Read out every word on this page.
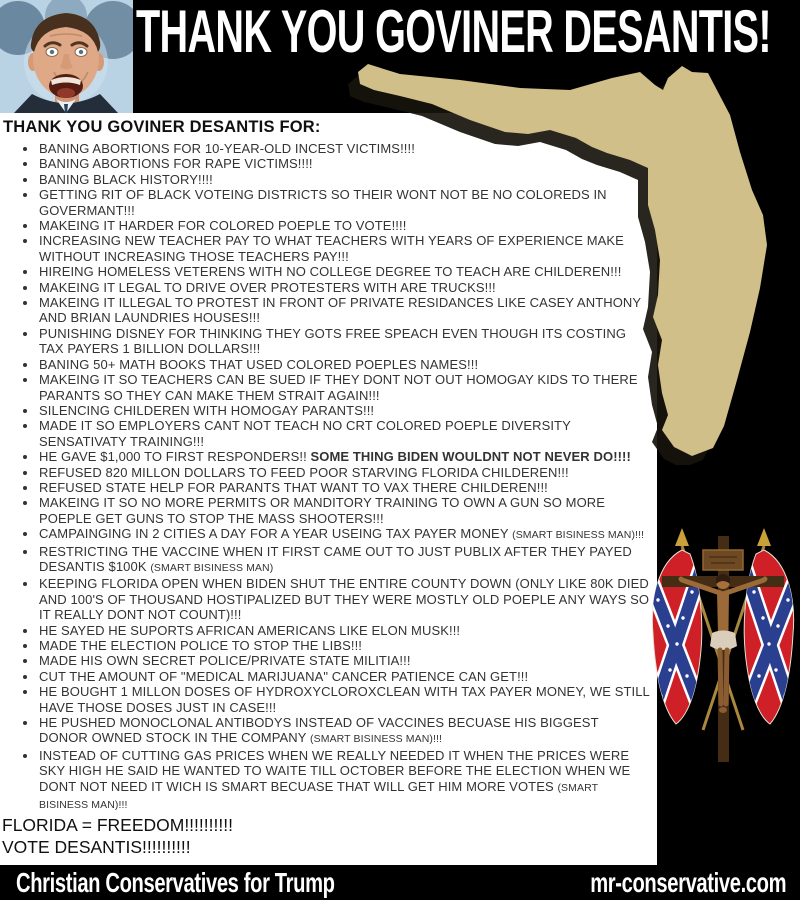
THANK YOU GOVINER DESANTIS!
THANK YOU GOVINER DESANTIS FOR:
• BANING ABORTIONS FOR 10-YEAR-OLD INCEST VICTIMS!!!!
• BANING ABORTIONS FOR RAPE VICTIMS!!!!
• BANING BLACK HISTORY!!!!
• GETTING RIT OF BLACK VOTEING DISTRICTS SO THEIR WONT NOT BE NO COLOREDS IN GOVERMANT!!!
• MAKEING IT HARDER FOR COLORED POEPLE TO VOTE!!!!
• INCREASING NEW TEACHER PAY TO WHAT TEACHERS WITH YEARS OF EXPERIENCE MAKE WITHOUT INCREASING THOSE TEACHERS PAY!!!
• HIREING HOMELESS VETERENS WITH NO COLLEGE DEGREE TO TEACH ARE CHILDEREN!!!
• MAKEING IT LEGAL TO DRIVE OVER PROTESTERS WITH ARE TRUCKS!!!
• MAKEING IT ILLEGAL TO PROTEST IN FRONT OF PRIVATE RESIDANCES LIKE CASEY ANTHONY AND BRIAN LAUNDRIES HOUSES!!!
• PUNISHING DISNEY FOR THINKING THEY GOTS FREE SPEACH EVEN THOUGH ITS COSTING TAX PAYERS 1 BILLION DOLLARS!!!
• BANING 50+ MATH BOOKS THAT USED COLORED POEPLES NAMES!!!
• MAKEING IT SO TEACHERS CAN BE SUED IF THEY DONT NOT OUT HOMOGAY KIDS TO THERE PARANTS SO THEY CAN MAKE THEM STRAIT AGAIN!!!
• SILENCING CHILDEREN WITH HOMOGAY PARANTS!!!
• MADE IT SO EMPLOYERS CANT NOT TEACH NO CRT COLORED POEPLE DIVERSITY SENSATIVATY TRAINING!!!
• HE GAVE $1,000 TO FIRST RESPONDERS!! SOME THING BIDEN WOULDNT NOT NEVER DO!!!!
• REFUSED 820 MILLON DOLLARS TO FEED POOR STARVING FLORIDA CHILDEREN!!!
• REFUSED STATE HELP FOR PARANTS THAT WANT TO VAX THERE CHILDEREN!!!
• MAKEING IT SO NO MORE PERMITS OR MANDITORY TRAINING TO OWN A GUN SO MORE POEPLE GET GUNS TO STOP THE MASS SHOOTERS!!!
• CAMPAINGING IN 2 CITIES A DAY FOR A YEAR USEING TAX PAYER MONEY (SMART BISINESS MAN)!!!
• RESTRICTING THE VACCINE WHEN IT FIRST CAME OUT TO JUST PUBLIX AFTER THEY PAYED DESANTIS $100K (SMART BISINESS MAN)
• KEEPING FLORIDA OPEN WHEN BIDEN SHUT THE ENTIRE COUNTY DOWN (ONLY LIKE 80K DIED AND 100'S OF THOUSAND HOSTIPALIZED BUT THEY WERE MOSTLY OLD POEPLE ANY WAYS SO IT REALLY DONT NOT COUNT)!!!
• HE SAYED HE SUPORTS AFRICAN AMERICANS LIKE ELON MUSK!!!
• MADE THE ELECTION POLICE TO STOP THE LIBS!!!
• MADE HIS OWN SECRET POLICE/PRIVATE STATE MILITIA!!!
• CUT THE AMOUNT OF "MEDICAL MARIJUANA" CANCER PATIENCE CAN GET!!!
• HE BOUGHT 1 MILLON DOSES OF HYDROXYCLOROXCLEAN WITH TAX PAYER MONEY, WE STILL HAVE THOSE DOSES JUST IN CASE!!!
• HE PUSHED MONOCLONAL ANTIBODYS INSTEAD OF VACCINES BECUASE HIS BIGGEST DONOR OWNED STOCK IN THE COMPANY (SMART BISINESS MAN)!!!
• INSTEAD OF CUTTING GAS PRICES WHEN WE REALLY NEEDED IT WHEN THE PRICES WERE SKY HIGH HE SAID HE WANTED TO WAITE TILL OCTOBER BEFORE THE ELECTION WHEN WE DONT NOT NEED IT WICH IS SMART BECUASE THAT WILL GET HIM MORE VOTES (SMART BISINESS MAN)!!!
FLORIDA = FREEDOM!!!!!!!!!!
VOTE DESANTIS!!!!!!!!!!
Christian Conservatives for Trump	mr-conservative.com
